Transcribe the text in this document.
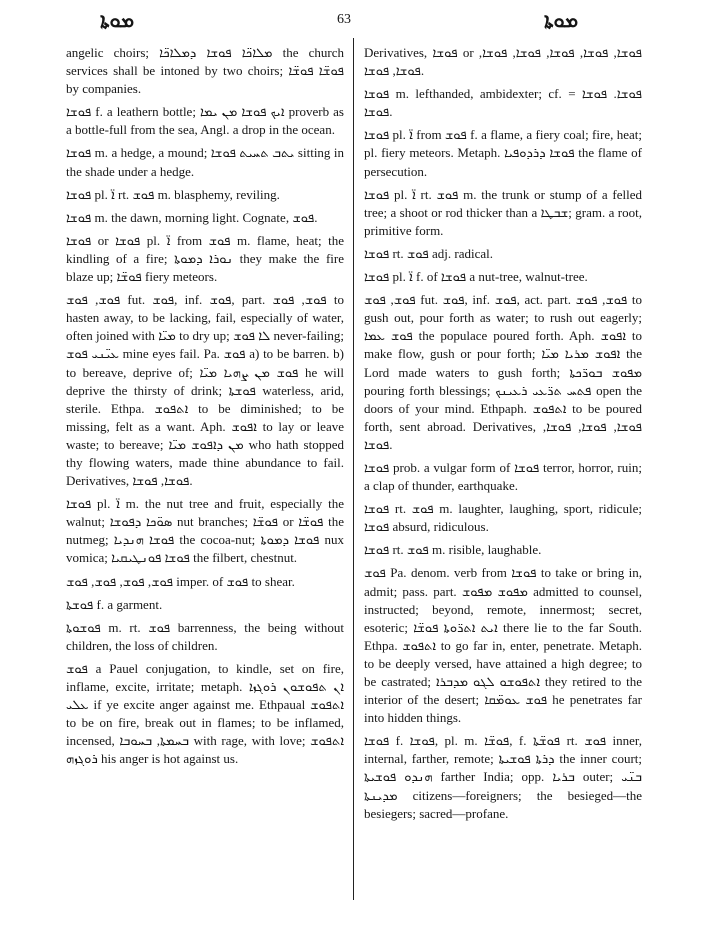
ܡܘܬܐ	63	ܡܘܬܐ

angelic choirs; ܡܠܐܟ̈ܐ ܦܘܫܐ ܕܡܠܐܟ̈ܐ the church services shall be intoned by two choirs; ܦܘܫ̈ܐ ܦܘܫ̈ܐ by companies.

ܦܘܫܐ f. a leathern bottle; ܐܝܟ ܦܘܫܐ ܡܢ ܝܡܐ proverb as a bottle-full from the sea, Angl. a drop in the ocean.

ܦܘܫܐ m. a hedge, a mound; ܝܬܒ ܬܚܝܬ ܦܘܫܐ sitting in the shade under a hedge.

ܦܘܫܐ pl. ܐ̈ rt. ܦܘܫ m. blasphemy, reviling.

ܦܘܫܐ m. the dawn, morning light. Cognate, ܦܘܫ.

ܦܘܫܐ or ܦܘܫܐ pl. ܐ̈ from ܦܘܫ m. flame, heat; the kindling of a fire; ܢܘܪܐ ܕܡܘܬܐ they make the fire blaze up; ܦܘܫ̈ܐ fiery meteors.

ܦܘܫ, ܦܘܫ fut. ܦܘܫ, inf. ܦܘܫ, part. ܦܘܫ, ܦܘܫ to hasten away, to be lacking, fail, especially of water, often joined with ܡܝ̈ܐ to dry up; ܠܐ ܦܘܫ never-failing; ܥܝ̈ܢܝ ܦܘܫ mine eyes fail. Pa. ܦܘܫ a) to be barren. b) to bereave, deprive of; ܦܘܫ ܡܢ ܨܗܝܐ ܡܝ̈ܐ he will deprive the thirsty of drink; ܦܘܫܬܐ waterless, arid, sterile. Ethpa. ܐܬܦܘܫ to be diminished; to be missing, felt as a want. Aph. ܐܦܘܫ to lay or leave waste; to bereave; ܡܢ ܕܐܦܘܫ ܡܝ̈ܐ who hath stopped thy flowing waters, made thine abundance to fail. Derivatives, ܦܘܫܐ, ܦܘܫܐ.

ܦܘܫܐ pl. ܐ̈ m. the nut tree and fruit, especially the walnut; ܣܘ̈ܟܐ ܕܦܘܫܐ nut branches; ܦܘܫ̈ܐ or ܦܘܫ̈ܐ the nutmeg; ܦܘܫܐ ܗܢܕܝܐ the cocoa-nut; ܦܘܫܐ ܕܡܘܬܐ nux vomica; ܦܘܫܐ ܦܘܢܛܝܩܝܐ the filbert, chestnut.

ܦܘܫ, ܦܘܫ, ܦܘܫ, ܦܘܫ imper. of ܦܘܫ to shear.

ܦܘܫܬܐ f. a garment.

ܦܘܫܘܬܐ m. rt. ܦܘܫ barrenness, the being without children, the loss of children.

ܦܘܫ a Pauel conjugation, to kindle, set on fire, inflame, excite, irritate; metaph. ܐܢ ܬܦܘܫܘܢ ܪܘܓܙܐ ܥܠܝ if ye excite anger against me. Ethpaual ܐܬܦܘܫ to be on fire, break out in flames; to be inflamed, incensed, ܒܚܡܬܐ, ܒܚܘܒܐ with rage, with love; ܐܬܦܘܫ ܪܘܓܙܗ his anger is hot against us.

Derivatives, ܦܘܫܐ or ܦܘܫܐ, ܦܘܫܐ, ܦܘܫܐ, ܦܘܫܐ, ܦܘܫܐ, ܦܘܫܐ, ܦܘܫܐ.

ܦܘܫܐ m. lefthanded, ambidexter; cf. ܦܘܫܐ. ܦܘܫܐ = ܦܘܫܐ.

ܦܘܫܐ pl. ܐ̈ from ܦܘܫ f. a flame, a fiery coal; fire, heat; pl. fiery meteors. Metaph. ܦܘܫܐ ܕܪܕܘܦܝܐ the flame of persecution.

ܦܘܫܐ pl. ܐ̈ rt. ܦܘܫ m. the trunk or stump of a felled tree; a shoot or rod thicker than a ܫܒܛܐ; gram. a root, primitive form.

ܦܘܫܐ rt. ܦܘܫ adj. radical.

ܦܘܫܐ pl. ܐ̈ f. of ܦܘܫܐ a nut-tree, walnut-tree.

ܦܘܫ, ܦܘܫ fut. ܦܘܫ, inf. ܦܘܫ, act. part. ܦܘܫ, ܦܘܫ to gush out, pour forth as water; to rush out eagerly; ܦܘܫ ܥܡܐ the populace poured forth. Aph. ܐܦܘܫ to make flow, gush or pour forth; ܐܦܘܫ ܡܪܝܐ ܡܝ̈ܐ the Lord made waters to gush forth; ܡܦܘܫ ܒܘܪ̈ܟܬܐ pouring forth blessings; ܦܬܚ ܬܪ̈ܥܝ ܪܥܝܢܟ open the doors of your mind. Ethpaph. ܐܬܦܘܫ to be poured forth, sent abroad. Derivatives, ܦܘܫܐ, ܦܘܫܐ, ܦܘܫܐ, ܦܘܫܐ.

ܦܘܫܐ prob. a vulgar form of ܦܘܫܐ terror, horror, ruin; a clap of thunder, earthquake.

ܦܘܫܐ rt. ܦܘܫ m. laughter, laughing, sport, ridicule; ܦܘܫܐ absurd, ridiculous.

ܦܘܫܐ rt. ܦܘܫ m. risible, laughable.

ܦܘܫ Pa. denom. verb from ܦܘܫܐ to take or bring in, admit; pass. part. ܡܦܘܫ ܡܦܘܫ admitted to counsel, instructed; beyond, remote, innermost; secret, esoteric; ܐܝܬ ܐܬܪ̈ܘܬܐ ܦܘܫ̈ܐ there lie to the far South. Ethpa. ܐܬܦܘܫ to go far in, enter, penetrate. Metaph. to be deeply versed, have attained a high degree; to be castrated; ܐܬܦܘܫܘ ܠܓܘ ܡܕܒܪܐ they retired to the interior of the desert; ܦܘܫ ܥܘܡ̈ܩܐ he penetrates far into hidden things.

ܦܘܫܐ f. ܦܘܫܐ, pl. m. ܦܘܫ̈ܐ, f. ܦܘܫ̈ܬܐ rt. ܦܘܫ inner, internal, farther, remote; ܕܪܬܐ ܦܘܫܝܬܐ the inner court; ܗܢܕܘ ܦܘܫܝܬܐ farther India; opp. ܒܪܝܐ outer; ܒܢ̈ܝ ܡܕܝܢܬܐ citizens—foreigners; the besieged—the besiegers; sacred—profane.
